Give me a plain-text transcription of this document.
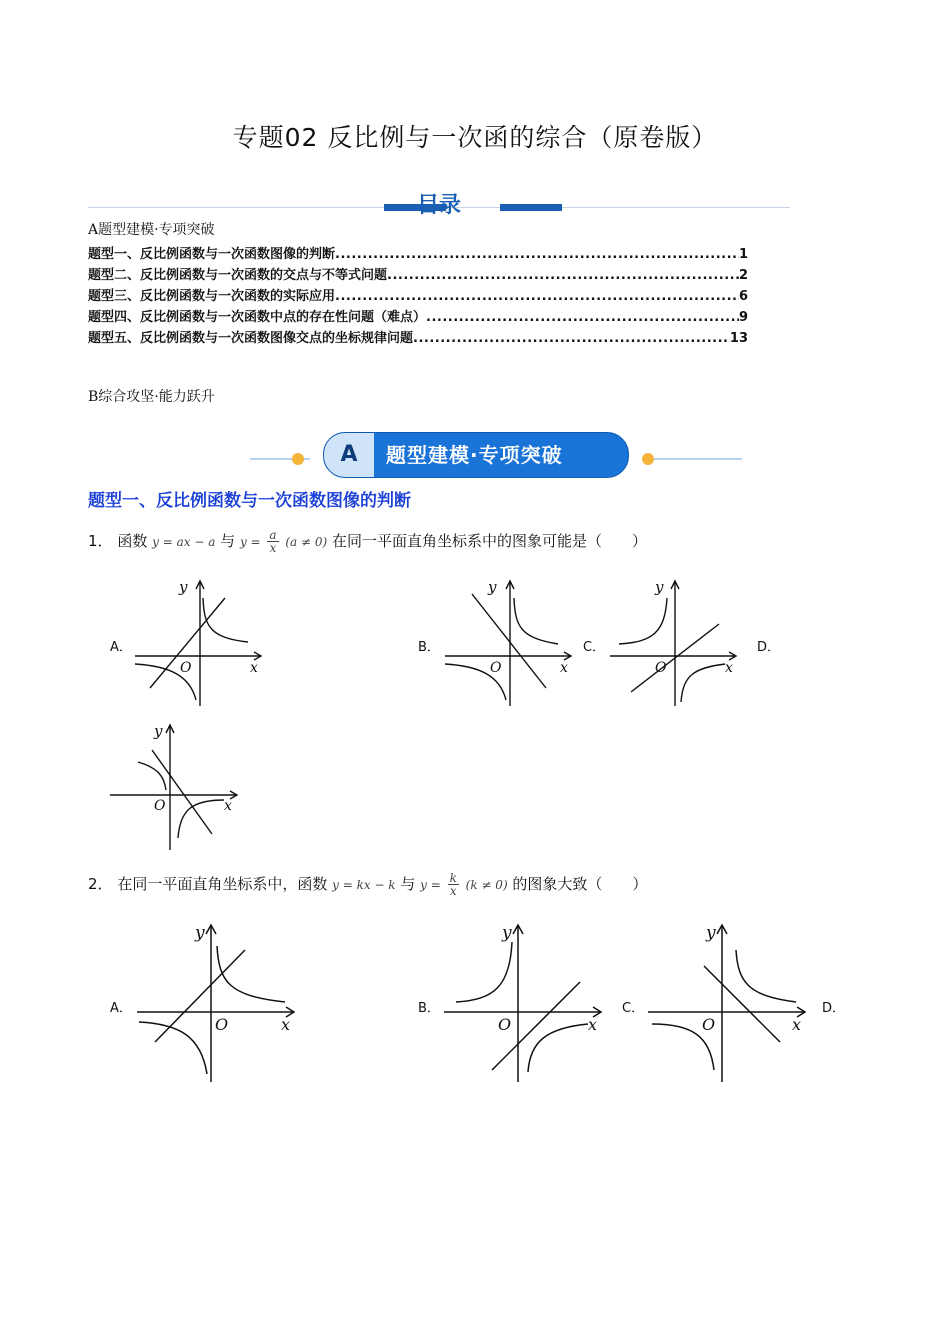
专题02 反比例与一次函的综合（原卷版）
目录
A题型建模·专项突破
题型一、反比例函数与一次函数图像的判断 .....	1
题型二、反比例函数与一次函数的交点与不等式问题 .....	2
题型三、反比例函数与一次函数的实际应用 .....	6
题型四、反比例函数与一次函数中点的存在性问题（难点） .....	9
题型五、反比例函数与一次函数图像交点的坐标规律问题 .....	13
B综合攻坚·能力跃升
A	题型建模·专项突破
题型一、反比例函数与一次函数图像的判断
1． 函数 y = ax − a 与 $y = \frac{a}{x} (a \ne 0)$ 在同一平面直角坐标系中的图象可能是（　　）
A．	B．	C．	D．
y
O	x
y
O	x
y
O	x
y
O	x
2． 在同一平面直角坐标系中，函数 y = kx − k 与 $y = \frac{k}{x} (k \ne 0)$ 的图象大致（　　）
A．	B．	C．	D．
y
O	x
y
O	x
y
O	x
